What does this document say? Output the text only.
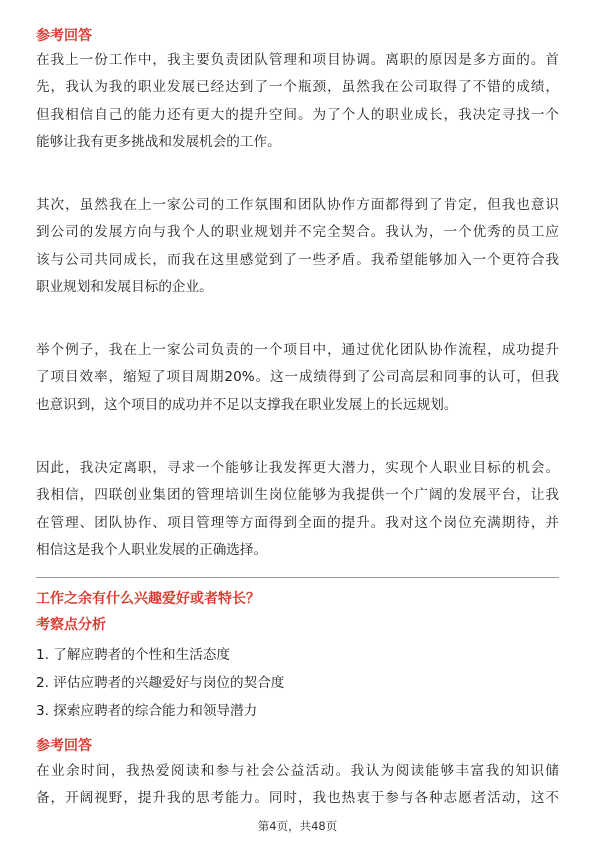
参考回答
在我上一份工作中，我主要负责团队管理和项目协调。离职的原因是多方面的。首
先，我认为我的职业发展已经达到了一个瓶颈，虽然我在公司取得了不错的成绩，
但我相信自己的能力还有更大的提升空间。为了个人的职业成长，我决定寻找一个
能够让我有更多挑战和发展机会的工作。
其次，虽然我在上一家公司的工作氛围和团队协作方面都得到了肯定，但我也意识
到公司的发展方向与我个人的职业规划并不完全契合。我认为，一个优秀的员工应
该与公司共同成长，而我在这里感觉到了一些矛盾。我希望能够加入一个更符合我
职业规划和发展目标的企业。
举个例子，我在上一家公司负责的一个项目中，通过优化团队协作流程，成功提升
了项目效率，缩短了项目周期20%。这一成绩得到了公司高层和同事的认可，但我
也意识到，这个项目的成功并不足以支撑我在职业发展上的长远规划。
因此，我决定离职，寻求一个能够让我发挥更大潜力，实现个人职业目标的机会。
我相信，四联创业集团的管理培训生岗位能够为我提供一个广阔的发展平台，让我
在管理、团队协作、项目管理等方面得到全面的提升。我对这个岗位充满期待，并
相信这是我个人职业发展的正确选择。
工作之余有什么兴趣爱好或者特长？
考察点分析
1. 了解应聘者的个性和生活态度
2. 评估应聘者的兴趣爱好与岗位的契合度
3. 探索应聘者的综合能力和领导潜力
参考回答
在业余时间，我热爱阅读和参与社会公益活动。我认为阅读能够丰富我的知识储
备，开阔视野，提升我的思考能力。同时，我也热衷于参与各种志愿者活动，这不
第4页，共48页
